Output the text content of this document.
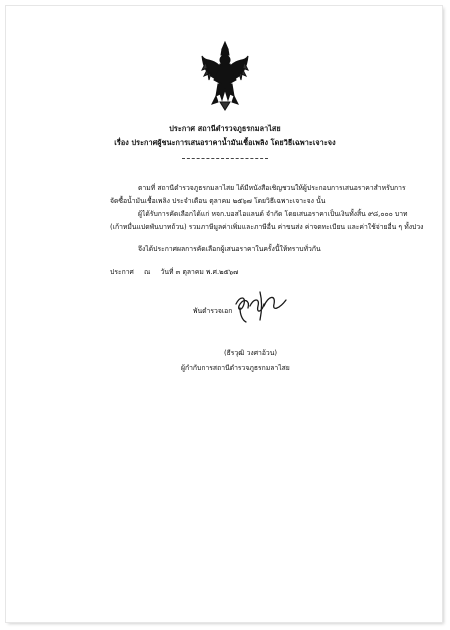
ประกาศ สถานีตำรวจภูธรกมลาไสย
เรื่อง ประกาศผู้ชนะการเสนอราคาน้ำมันเชื้อเพลิง โดยวิธีเฉพาะเจาะจง
ตามที่ สถานีตำรวจภูธรกมลาไสย ได้มีหนังสือเชิญชวนให้ผู้ประกอบการเสนอราคาสำหรับการ
จัดซื้อน้ำมันเชื้อเพลิง ประจำเดือน ตุลาคม ๒๕๖๗ โดยวิธีเฉพาะเจาะจง นั้น
ผู้ได้รับการคัดเลือกได้แก่ หจก.บอสไอแลนด์ จำกัด โดยเสนอราคาเป็นเงินทั้งสิ้น ๙๘,๐๐๐ บาท
(เก้าหมื่นแปดพันบาทถ้วน) รวมภาษีมูลค่าเพิ่มและภาษีอื่น ค่าขนส่ง ค่าจดทะเบียน และค่าใช้จ่ายอื่น ๆ ทั้งปวง
จึงได้ประกาศผลการคัดเลือกผู้เสนอราคาในครั้งนี้ให้ทราบทั่วกัน
ประกาศ ณ วันที่ ๓ ตุลาคม พ.ศ.๒๕๖๗
พันตำรวจเอก
(ธีรวุฒิ วงศาอ้วน)
ผู้กำกับการสถานีตำรวจภูธรกมลาไสย
